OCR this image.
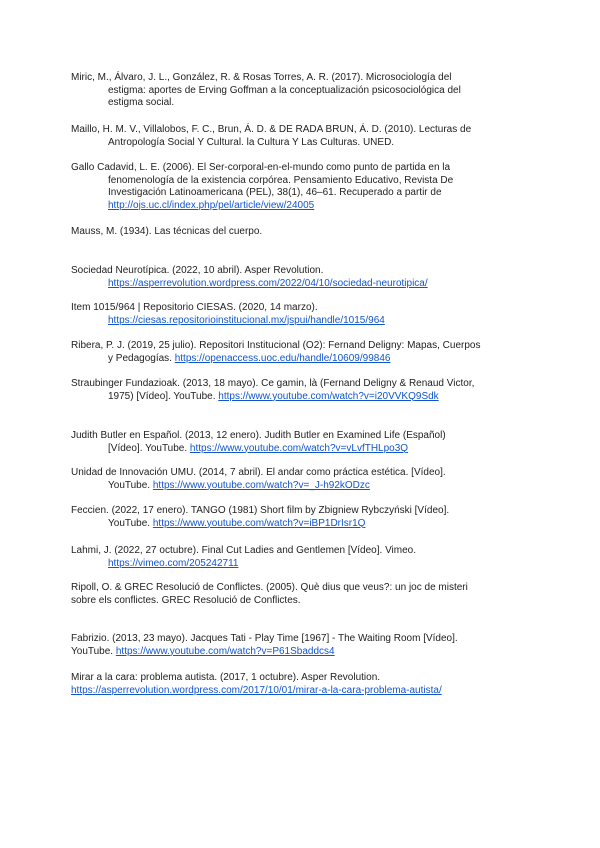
Miric, M., Álvaro, J. L., González, R. & Rosas Torres, A. R. (2017). Microsociología del
estigma: aportes de Erving Goffman a la conceptualización psicosociológica del
estigma social.

Maillo, H. M. V., Villalobos, F. C., Brun, Á. D. & DE RADA BRUN, Á. D. (2010). Lecturas de
Antropología Social Y Cultural. la Cultura Y Las Culturas. UNED.

Gallo Cadavid, L. E. (2006). El Ser-corporal-en-el-mundo como punto de partida en la
fenomenología de la existencia corpórea. Pensamiento Educativo, Revista De
Investigación Latinoamericana (PEL), 38(1), 46–61. Recuperado a partir de
http://ojs.uc.cl/index.php/pel/article/view/24005

Mauss, M. (1934). Las técnicas del cuerpo.

Sociedad Neurotípica. (2022, 10 abril). Asper Revolution.
https://asperrevolution.wordpress.com/2022/04/10/sociedad-neurotipica/

Item 1015/964 | Repositorio CIESAS. (2020, 14 marzo).
https://ciesas.repositorioinstitucional.mx/jspui/handle/1015/964

Ribera, P. J. (2019, 25 julio). Repositori Institucional (O2): Fernand Deligny: Mapas, Cuerpos
y Pedagogías. https://openaccess.uoc.edu/handle/10609/99846

Straubinger Fundazioak. (2013, 18 mayo). Ce gamin, là (Fernand Deligny & Renaud Victor,
1975) [Vídeo]. YouTube. https://www.youtube.com/watch?v=i20VVKQ9Sdk

Judith Butler en Español. (2013, 12 enero). Judith Butler en Examined Life (Español)
[Vídeo]. YouTube. https://www.youtube.com/watch?v=vLvfTHLpo3Q

Unidad de Innovación UMU. (2014, 7 abril). El andar como práctica estética. [Vídeo].
YouTube. https://www.youtube.com/watch?v=_J-h92kODzc

Feccien. (2022, 17 enero). TANGO (1981) Short film by Zbigniew Rybczyński [Vídeo].
YouTube. https://www.youtube.com/watch?v=iBP1DrIsr1Q

Lahmi, J. (2022, 27 octubre). Final Cut Ladies and Gentlemen [Vídeo]. Vimeo.
https://vimeo.com/205242711

Ripoll, O. & GREC Resolució de Conflictes. (2005). Què dius que veus?: un joc de misteri
sobre els conflictes. GREC Resolució de Conflictes.

Fabrizio. (2013, 23 mayo). Jacques Tati - Play Time [1967] - The Waiting Room [Vídeo].
YouTube. https://www.youtube.com/watch?v=P61Sbaddcs4

Mirar a la cara: problema autista. (2017, 1 octubre). Asper Revolution.
https://asperrevolution.wordpress.com/2017/10/01/mirar-a-la-cara-problema-autista/
